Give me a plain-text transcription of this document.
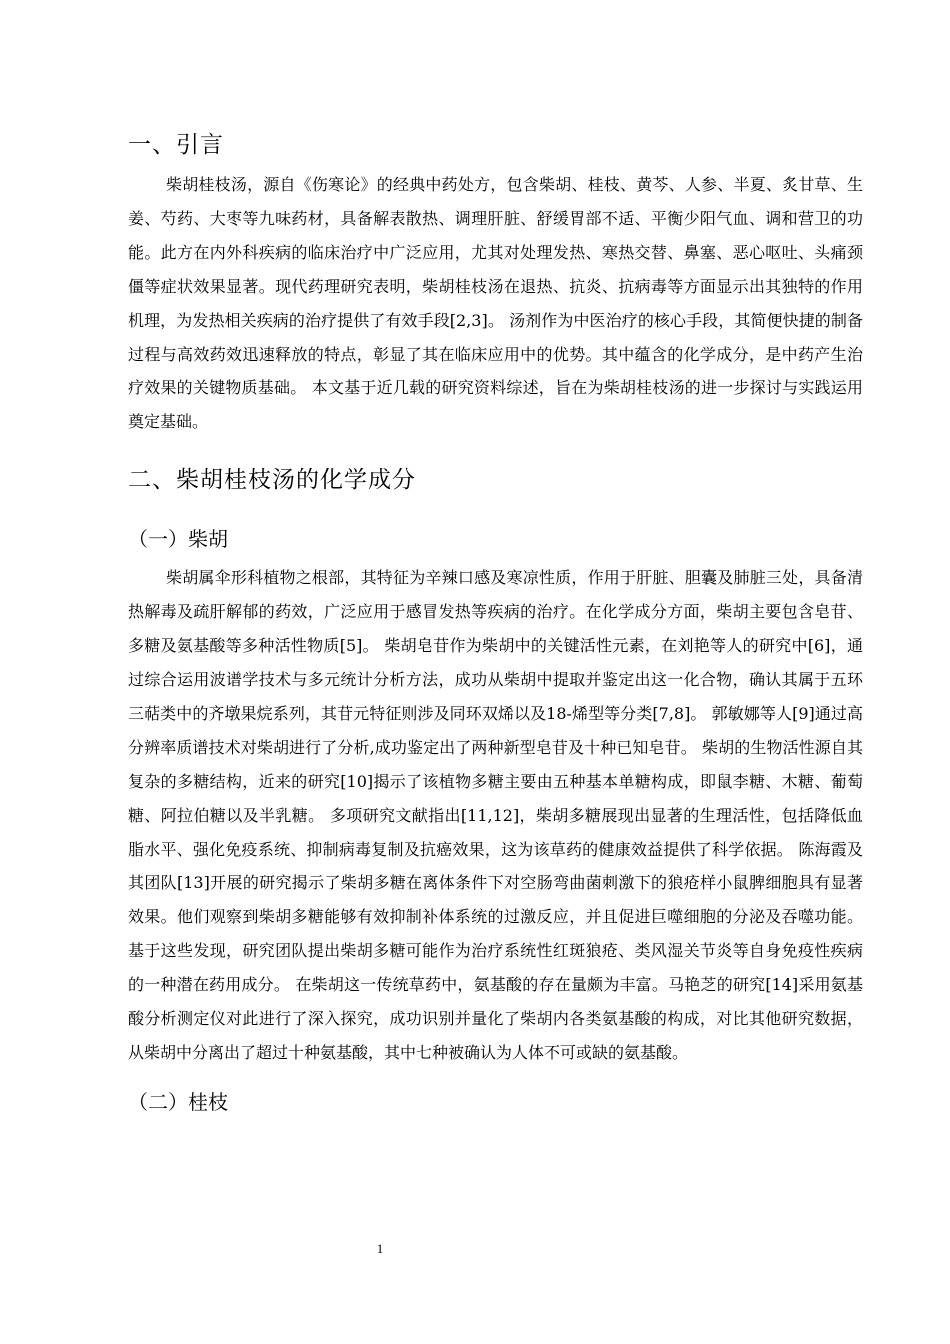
一、引言

柴胡桂枝汤，源自《伤寒论》的经典中药处方，包含柴胡、桂枝、黄芩、人参、半夏、炙甘草、生姜、芍药、大枣等九味药材，具备解表散热、调理肝脏、舒缓胃部不适、平衡少阳气血、调和营卫的功能。此方在内外科疾病的临床治疗中广泛应用，尤其对处理发热、寒热交替、鼻塞、恶心呕吐、头痛颈僵等症状效果显著。现代药理研究表明，柴胡桂枝汤在退热、抗炎、抗病毒等方面显示出其独特的作用机理，为发热相关疾病的治疗提供了有效手段[2,3]。 汤剂作为中医治疗的核心手段，其简便快捷的制备过程与高效药效迅速释放的特点，彰显了其在临床应用中的优势。其中蕴含的化学成分，是中药产生治疗效果的关键物质基础。 本文基于近几载的研究资料综述，旨在为柴胡桂枝汤的进一步探讨与实践运用奠定基础。

二、柴胡桂枝汤的化学成分
（一）柴胡

柴胡属伞形科植物之根部，其特征为辛辣口感及寒凉性质，作用于肝脏、胆囊及肺脏三处，具备清热解毒及疏肝解郁的药效，广泛应用于感冒发热等疾病的治疗。在化学成分方面，柴胡主要包含皂苷、多糖及氨基酸等多种活性物质[5]。 柴胡皂苷作为柴胡中的关键活性元素，在刘艳等人的研究中[6]，通过综合运用波谱学技术与多元统计分析方法，成功从柴胡中提取并鉴定出这一化合物，确认其属于五环三萜类中的齐墩果烷系列，其苷元特征则涉及同环双烯以及18-烯型等分类[7,8]。 郭敏娜等人[9]通过高分辨率质谱技术对柴胡进行了分析,成功鉴定出了两种新型皂苷及十种已知皂苷。 柴胡的生物活性源自其复杂的多糖结构，近来的研究[10]揭示了该植物多糖主要由五种基本单糖构成，即鼠李糖、木糖、葡萄糖、阿拉伯糖以及半乳糖。 多项研究文献指出[11,12]，柴胡多糖展现出显著的生理活性，包括降低血脂水平、强化免疫系统、抑制病毒复制及抗癌效果，这为该草药的健康效益提供了科学依据。 陈海霞及其团队[13]开展的研究揭示了柴胡多糖在离体条件下对空肠弯曲菌刺激下的狼疮样小鼠脾细胞具有显著效果。他们观察到柴胡多糖能够有效抑制补体系统的过激反应，并且促进巨噬细胞的分泌及吞噬功能。基于这些发现，研究团队提出柴胡多糖可能作为治疗系统性红斑狼疮、类风湿关节炎等自身免疫性疾病的一种潜在药用成分。 在柴胡这一传统草药中，氨基酸的存在量颇为丰富。马艳芝的研究[14]采用氨基酸分析测定仪对此进行了深入探究，成功识别并量化了柴胡内各类氨基酸的构成，对比其他研究数据，从柴胡中分离出了超过十种氨基酸，其中七种被确认为人体不可或缺的氨基酸。

（二）桂枝
1
